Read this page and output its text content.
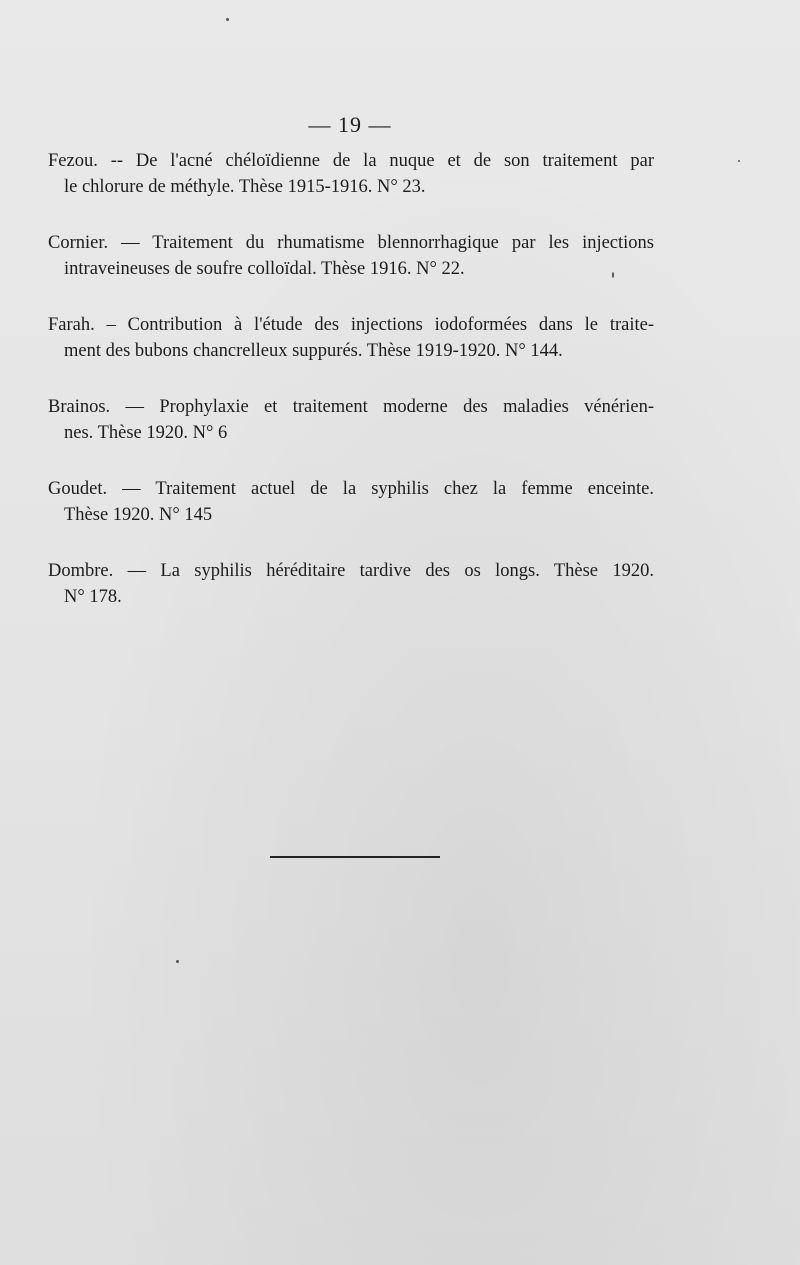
— 19 —
Fezou. -- De l'acné chéloïdienne de la nuque et de son traitement par
le chlorure de méthyle. Thèse 1915-1916. N° 23.
Cornier. — Traitement du rhumatisme blennorrhagique par les injections
intraveineuses de soufre colloïdal. Thèse 1916. N° 22.
Farah. – Contribution à l'étude des injections iodoformées dans le traite-
ment des bubons chancrelleux suppurés. Thèse 1919-1920. N° 144.
Brainos. — Prophylaxie et traitement moderne des maladies vénérien-
nes. Thèse 1920. N° 6
Goudet. — Traitement actuel de la syphilis chez la femme enceinte.
Thèse 1920. N° 145
Dombre. — La syphilis héréditaire tardive des os longs. Thèse 1920.
N° 178.
